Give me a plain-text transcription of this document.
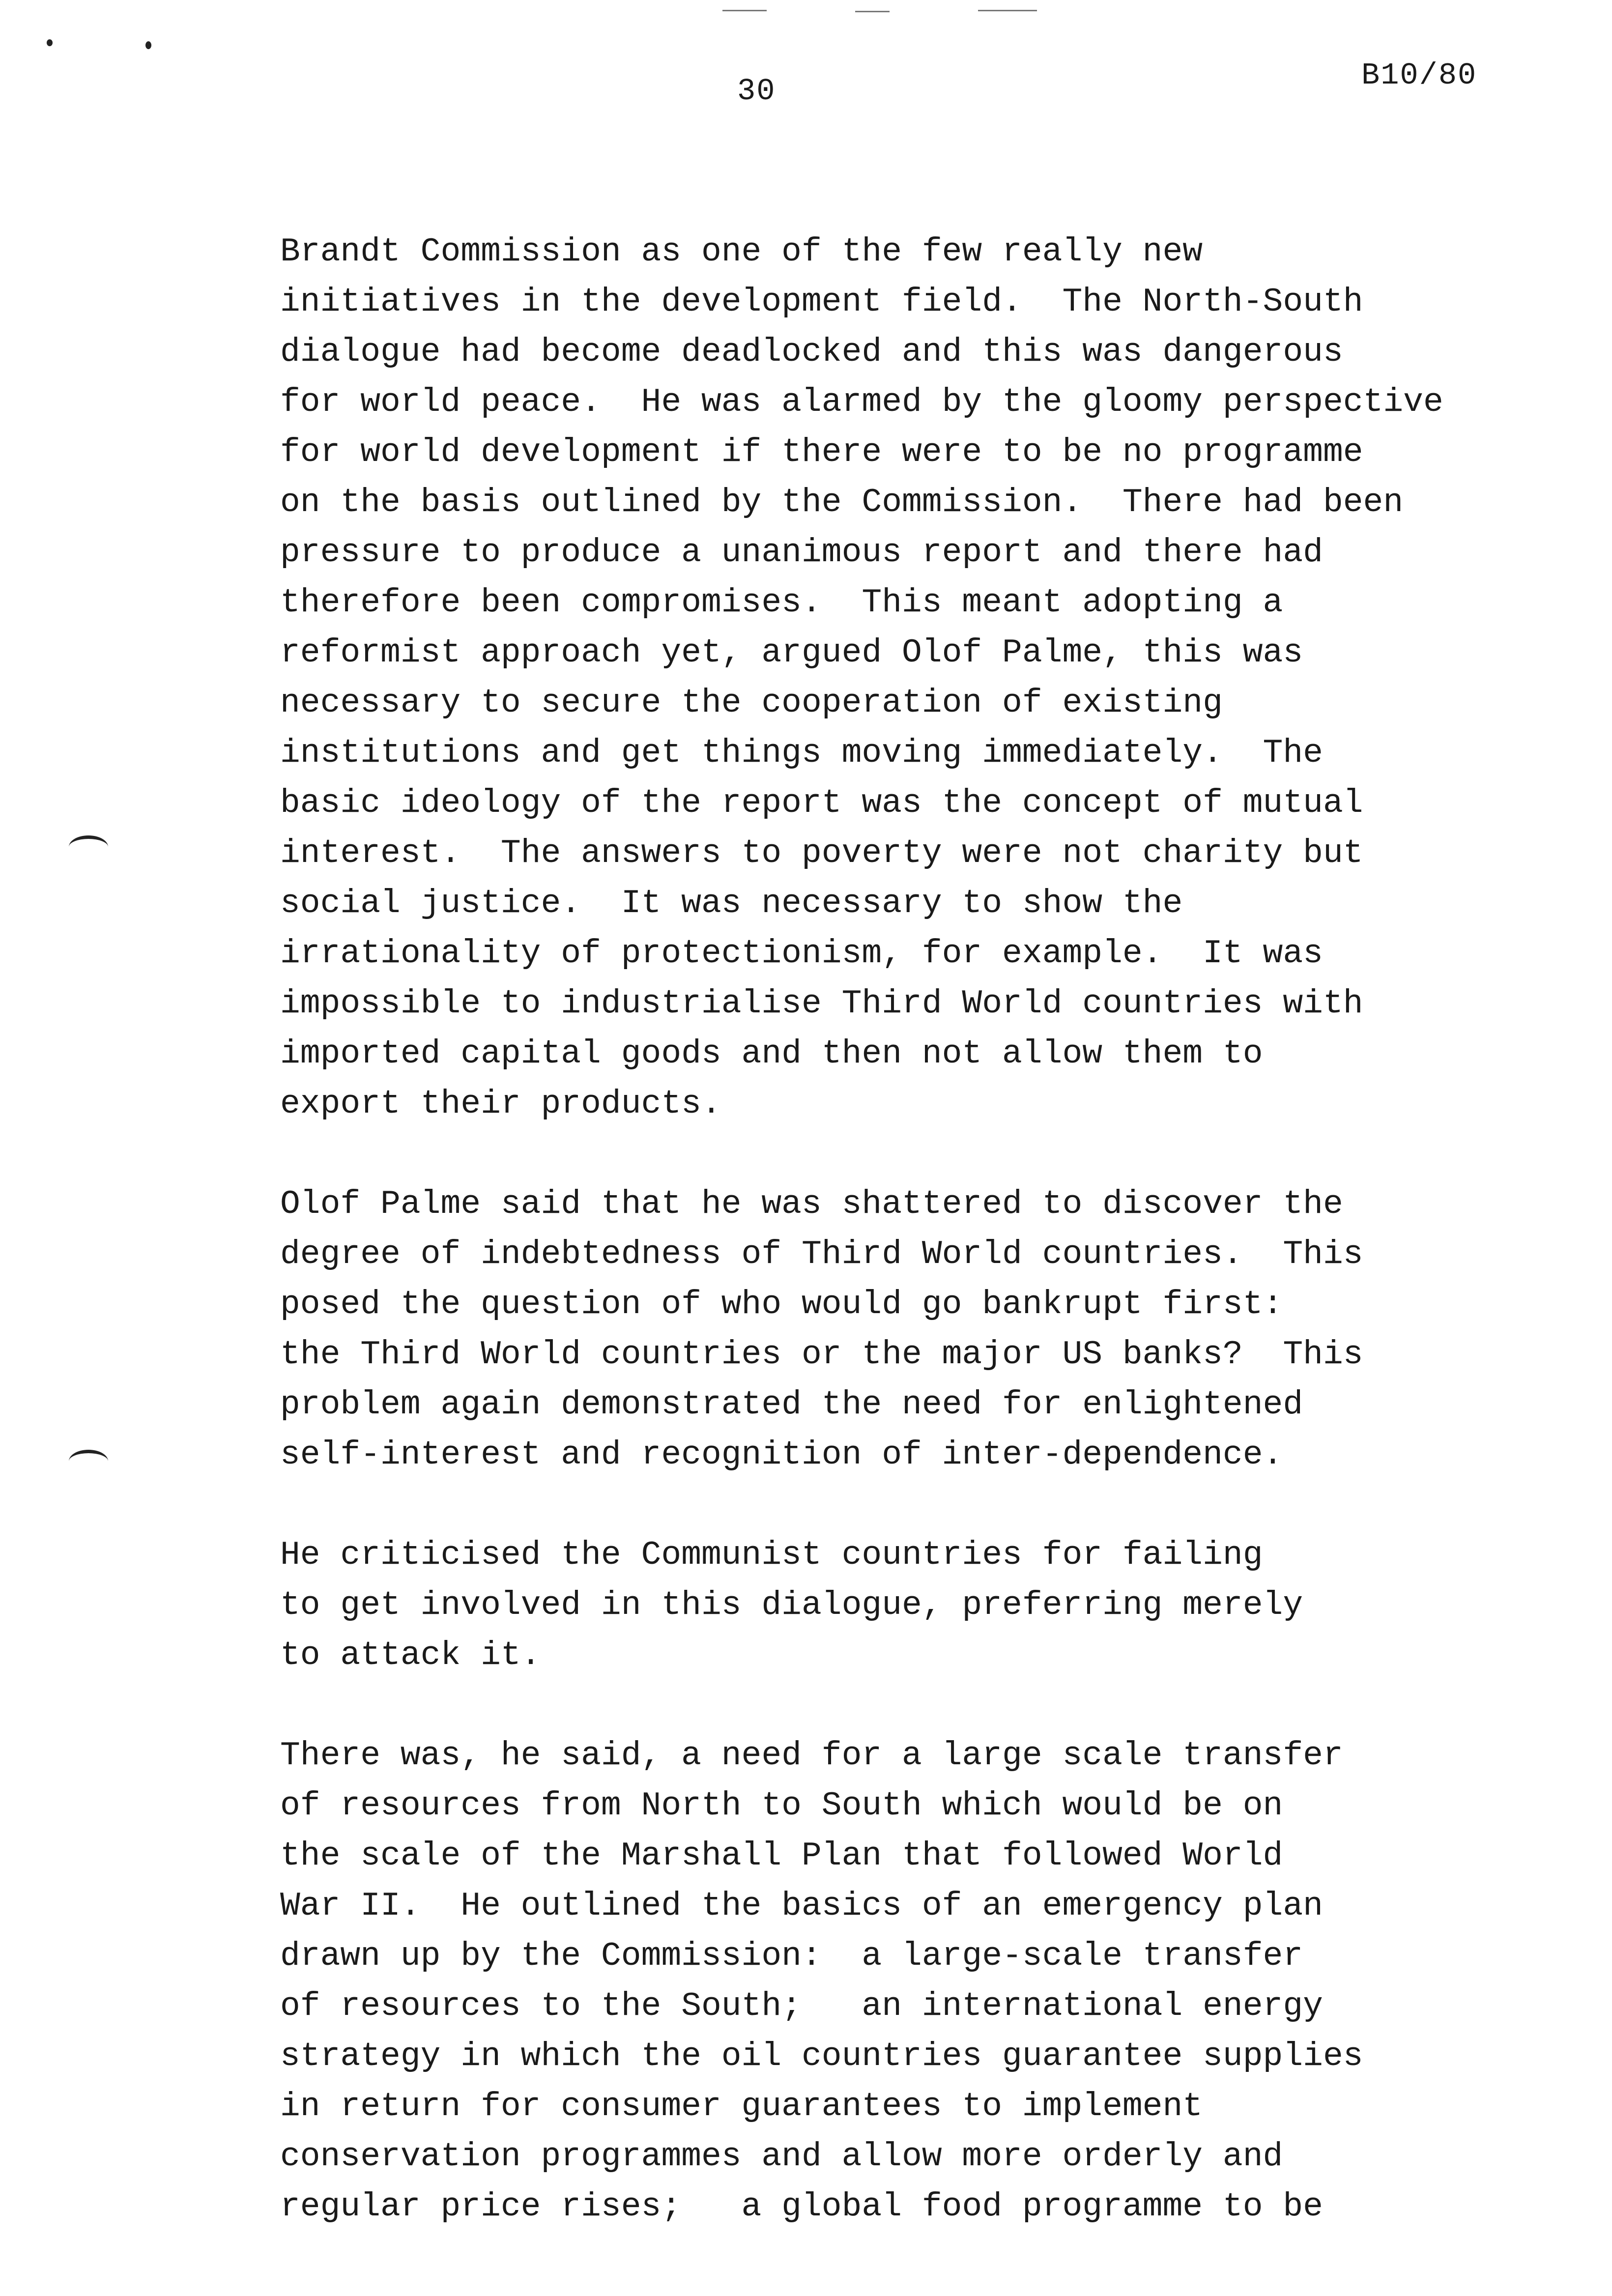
30	B10/80
Brandt Commission as one of the few really new
initiatives in the development field.  The North-South
dialogue had become deadlocked and this was dangerous
for world peace.  He was alarmed by the gloomy perspective
for world development if there were to be no programme
on the basis outlined by the Commission.  There had been
pressure to produce a unanimous report and there had
therefore been compromises.  This meant adopting a
reformist approach yet, argued Olof Palme, this was
necessary to secure the cooperation of existing
institutions and get things moving immediately.  The
basic ideology of the report was the concept of mutual
interest.  The answers to poverty were not charity but
social justice.  It was necessary to show the
irrationality of protectionism, for example.  It was
impossible to industrialise Third World countries with
imported capital goods and then not allow them to
export their products.
Olof Palme said that he was shattered to discover the
degree of indebtedness of Third World countries.  This
posed the question of who would go bankrupt first:
the Third World countries or the major US banks?  This
problem again demonstrated the need for enlightened
self-interest and recognition of inter-dependence.
He criticised the Communist countries for failing
to get involved in this dialogue, preferring merely
to attack it.
There was, he said, a need for a large scale transfer
of resources from North to South which would be on
the scale of the Marshall Plan that followed World
War II.  He outlined the basics of an emergency plan
drawn up by the Commission:  a large-scale transfer
of resources to the South;   an international energy
strategy in which the oil countries guarantee supplies
in return for consumer guarantees to implement
conservation programmes and allow more orderly and
regular price rises;   a global food programme to be
